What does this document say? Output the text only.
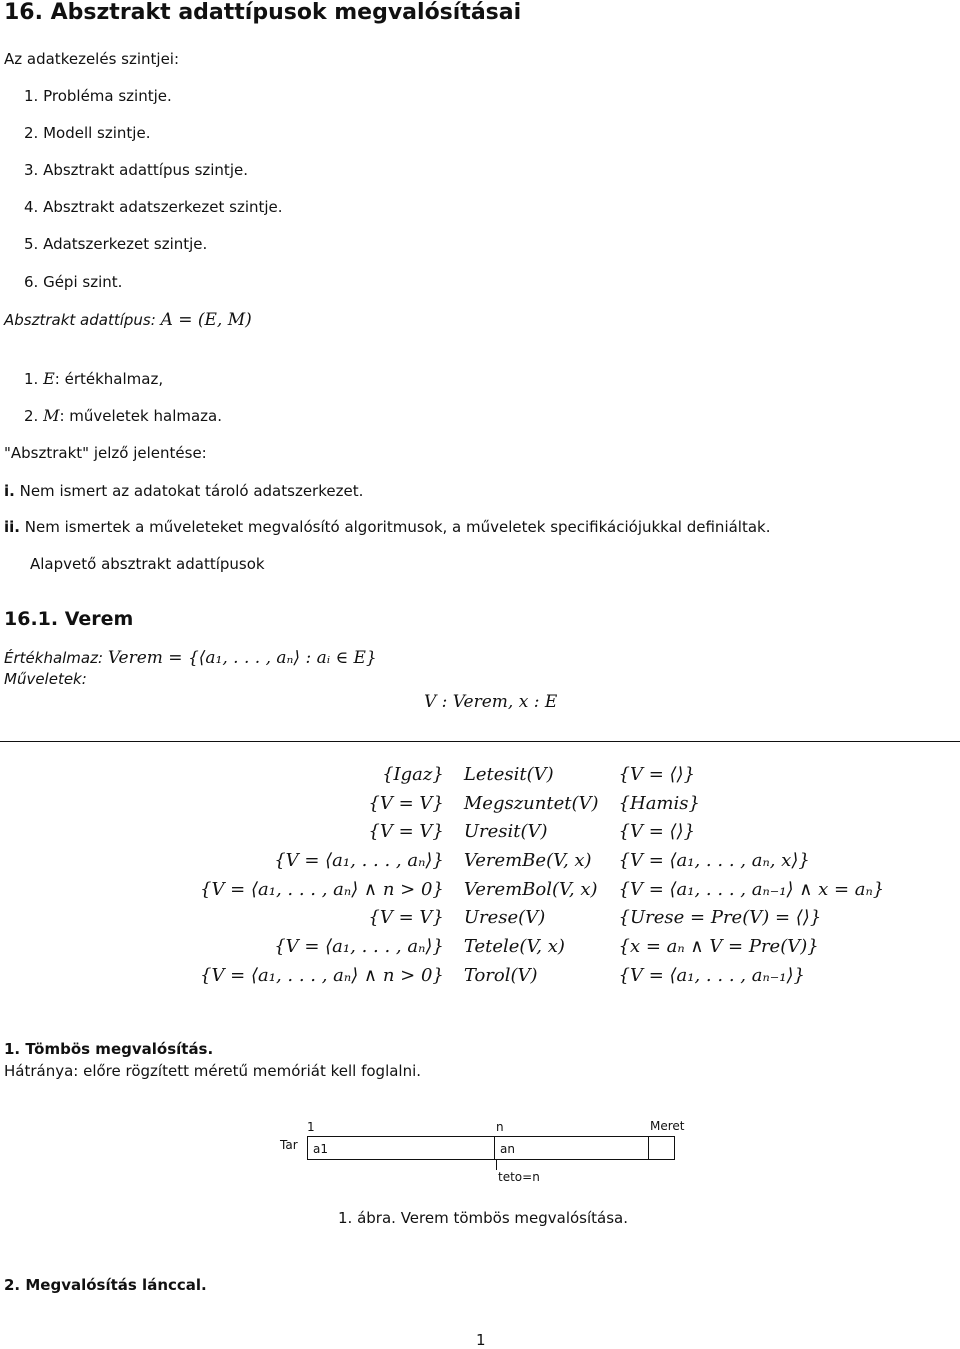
16. Absztrakt adattípusok megvalósításai
Az adatkezelés szintjei:
1. Probléma szintje.
2. Modell szintje.
3. Absztrakt adattípus szintje.
4. Absztrakt adatszerkezet szintje.
5. Adatszerkezet szintje.
6. Gépi szint.
Absztrakt adattípus: A = (E, M)
1. E: értékhalmaz,
2. M: műveletek halmaza.
"Absztrakt" jelző jelentése:
i. Nem ismert az adatokat tároló adatszerkezet.
ii. Nem ismertek a műveleteket megvalósító algoritmusok, a műveletek specifikációjukkal definiáltak.
Alapvető absztrakt adattípusok
16.1. Verem
Értékhalmaz: Verem = {⟨a₁, . . . , aₙ⟩ : aᵢ ∈ E}
Műveletek:
V : Verem, x : E
{Igaz}	Letesit(V)	{V = ⟨⟩}
{V = V}	Megszuntet(V)	{Hamis}
{V = V}	Uresit(V)	{V = ⟨⟩}
{V = ⟨a₁, . . . , aₙ⟩}	VeremBe(V, x)	{V = ⟨a₁, . . . , aₙ, x⟩}
{V = ⟨a₁, . . . , aₙ⟩ ∧ n > 0}	VeremBol(V, x)	{V = ⟨a₁, . . . , aₙ₋₁⟩ ∧ x = aₙ}
{V = V}	Urese(V)	{Urese = Pre(V) = ⟨⟩}
{V = ⟨a₁, . . . , aₙ⟩}	Tetele(V, x)	{x = aₙ ∧ V = Pre(V)}
{V = ⟨a₁, . . . , aₙ⟩ ∧ n > 0}	Torol(V)	{V = ⟨a₁, . . . , aₙ₋₁⟩}
1. Tömbös megvalósítás.
Hátránya: előre rögzített méretű memóriát kell foglalni.
Tar
1	n	Meret
a1	an
teto=n
1. ábra. Verem tömbös megvalósítása.
2. Megvalósítás lánccal.
1
